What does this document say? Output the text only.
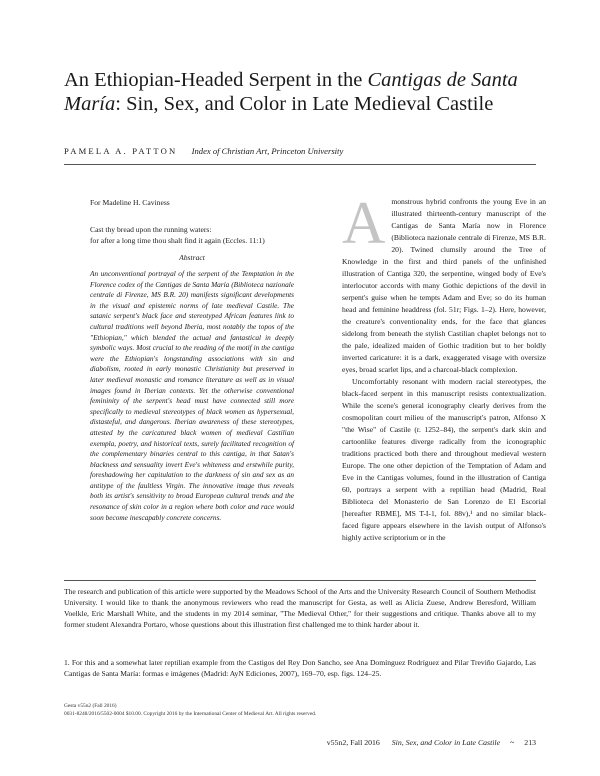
An Ethiopian-Headed Serpent in the Cantigas de Santa María: Sin, Sex, and Color in Late Medieval Castile
PAMELA A. PATTON Index of Christian Art, Princeton University

For Madeline H. Caviness

Cast thy bread upon the running waters:

for after a long time thou shalt find it again (Eccles. 11:1)

Abstract

An unconventional portrayal of the serpent of the Temptation in the Florence codex of the Cantigas de Santa María (Biblioteca nazionale centrale di Firenze, MS B.R. 20) manifests significant developments in the visual and epistemic norms of late medieval Castile. The satanic serpent's black face and stereotyped African features link to cultural traditions well beyond Iberia, most notably the topos of the "Ethiopian," which blended the actual and fantastical in deeply symbolic ways. Most crucial to the reading of the motif in the cantiga were the Ethiopian's longstanding associations with sin and diabolism, rooted in early monastic Christianity but preserved in later medieval monastic and romance literature as well as in visual images found in Iberian contexts. Yet the otherwise conventional femininity of the serpent's head must have connected still more specifically to medieval stereotypes of black women as hypersexual, distasteful, and dangerous. Iberian awareness of these stereotypes, attested by the caricatured black women of medieval Castilian exempla, poetry, and historical texts, surely facilitated recognition of the complementary binaries central to this cantiga, in that Satan's blackness and sensuality invert Eve's whiteness and erstwhile purity, foreshadowing her capitulation to the darkness of sin and sex as an antitype of the faultless Virgin. The innovative image thus reveals both its artist's sensitivity to broad European cultural trends and the resonance of skin color in a region where both color and race would soon become inescapably concrete concerns.

Amonstrous hybrid confronts the young Eve in an illustrated thirteenth-century manuscript of the Cantigas de Santa María now in Florence (Biblioteca nazionale centrale di Firenze, MS B.R. 20). Twined clumsily around the Tree of Knowledge in the first and third panels of the unfinished illustration of Cantiga 320, the serpentine, winged body of Eve's interlocutor accords with many Gothic depictions of the devil in serpent's guise when he tempts Adam and Eve; so do its human head and feminine headdress (fol. 51r; Figs. 1–2). Here, however, the creature's conventionality ends, for the face that glances sidelong from beneath the stylish Castilian chaplet belongs not to the pale, idealized maiden of Gothic tradition but to her boldly inverted caricature: it is a dark, exaggerated visage with oversize eyes, broad scarlet lips, and a charcoal-black complexion.

Uncomfortably resonant with modern racial stereotypes, the black-faced serpent in this manuscript resists contextualization. While the scene's general iconography clearly derives from the cosmopolitan court milieu of the manuscript's patron, Alfonso X "the Wise" of Castile (r. 1252–84), the serpent's dark skin and cartoonlike features diverge radically from the iconographic traditions practiced both there and throughout medieval western Europe. The one other depiction of the Temptation of Adam and Eve in the Cantigas volumes, found in the illustration of Cantiga 60, portrays a serpent with a reptilian head (Madrid, Real Biblioteca del Monasterio de San Lorenzo de El Escorial [hereafter RBME], MS T-I-1, fol. 88v),¹ and no similar black-faced figure appears elsewhere in the lavish output of Alfonso's highly active scriptorium or in the

The research and publication of this article were supported by the Meadows School of the Arts and the University Research Council of Southern Methodist University. I would like to thank the anonymous reviewers who read the manuscript for Gesta, as well as Alicia Zuese, Andrew Beresford, William Voelkle, Eric Marshall White, and the students in my 2014 seminar, "The Medieval Other," for their suggestions and critique. Thanks above all to my former student Alexandra Portaro, whose questions about this illustration first challenged me to think harder about it.

1. For this and a somewhat later reptilian example from the Castigos del Rey Don Sancho, see Ana Domínguez Rodríguez and Pilar Treviño Gajardo, Las Cantigas de Santa María: formas e imágenes (Madrid: AyN Ediciones, 2007), 169–70, esp. figs. 124–25.

Gesta v55n2 (Fall 2016)

0031-8248/2016/5502-0004 $10.00. Copyright 2016 by the International Center of Medieval Art. All rights reserved.

v55n2, Fall 2016 Sin, Sex, and Color in Late Castile ~ 213
